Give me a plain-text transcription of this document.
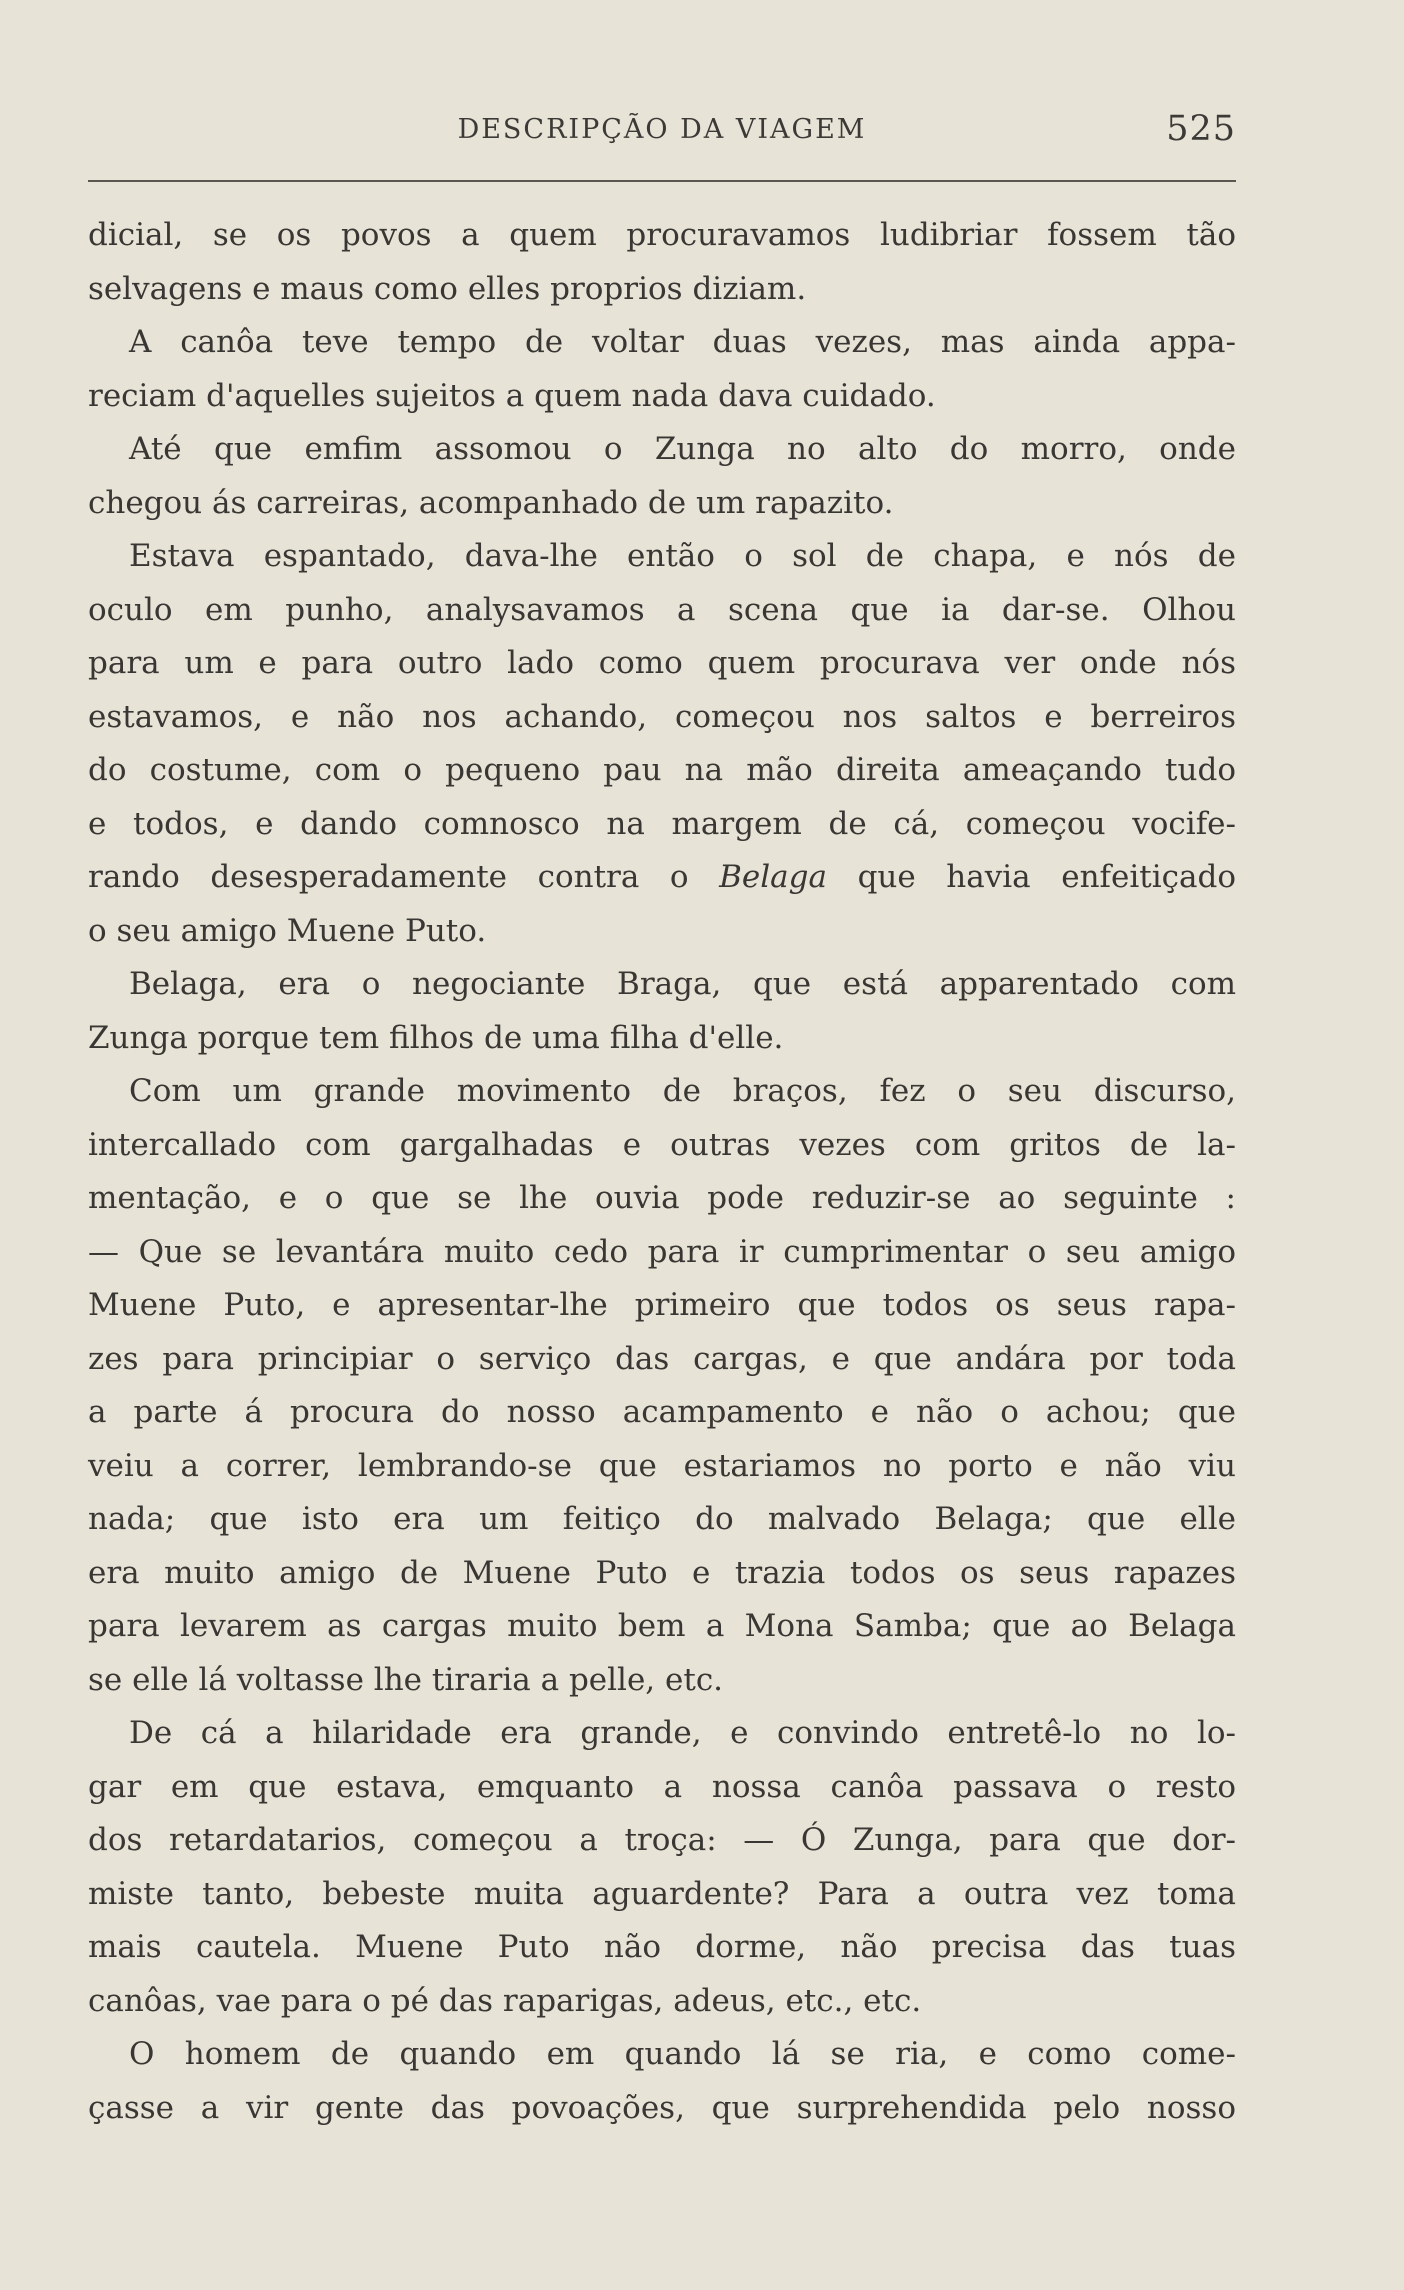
DESCRIPÇÃO DA VIAGEM	525
dicial, se os povos a quem procuravamos ludibriar fossem tão
selvagens e maus como elles proprios diziam.
A canôa teve tempo de voltar duas vezes, mas ainda appa-
reciam d'aquelles sujeitos a quem nada dava cuidado.
Até que emfim assomou o Zunga no alto do morro, onde
chegou ás carreiras, acompanhado de um rapazito.
Estava espantado, dava-lhe então o sol de chapa, e nós de
oculo em punho, analysavamos a scena que ia dar-se. Olhou
para um e para outro lado como quem procurava ver onde nós
estavamos, e não nos achando, começou nos saltos e berreiros
do costume, com o pequeno pau na mão direita ameaçando tudo
e todos, e dando comnosco na margem de cá, começou vocife-
rando desesperadamente contra o Belaga que havia enfeitiçado
o seu amigo Muene Puto.
Belaga, era o negociante Braga, que está apparentado com
Zunga porque tem filhos de uma filha d'elle.
Com um grande movimento de braços, fez o seu discurso,
intercallado com gargalhadas e outras vezes com gritos de la-
mentação, e o que se lhe ouvia pode reduzir-se ao seguinte :
— Que se levantára muito cedo para ir cumprimentar o seu amigo
Muene Puto, e apresentar-lhe primeiro que todos os seus rapa-
zes para principiar o serviço das cargas, e que andára por toda
a parte á procura do nosso acampamento e não o achou; que
veiu a correr, lembrando-se que estariamos no porto e não viu
nada; que isto era um feitiço do malvado Belaga; que elle
era muito amigo de Muene Puto e trazia todos os seus rapazes
para levarem as cargas muito bem a Mona Samba; que ao Belaga
se elle lá voltasse lhe tiraria a pelle, etc.
De cá a hilaridade era grande, e convindo entretê-lo no lo-
gar em que estava, emquanto a nossa canôa passava o resto
dos retardatarios, começou a troça: — Ó Zunga, para que dor-
miste tanto, bebeste muita aguardente? Para a outra vez toma
mais cautela. Muene Puto não dorme, não precisa das tuas
canôas, vae para o pé das raparigas, adeus, etc., etc.
O homem de quando em quando lá se ria, e como come-
çasse a vir gente das povoações, que surprehendida pelo nosso
